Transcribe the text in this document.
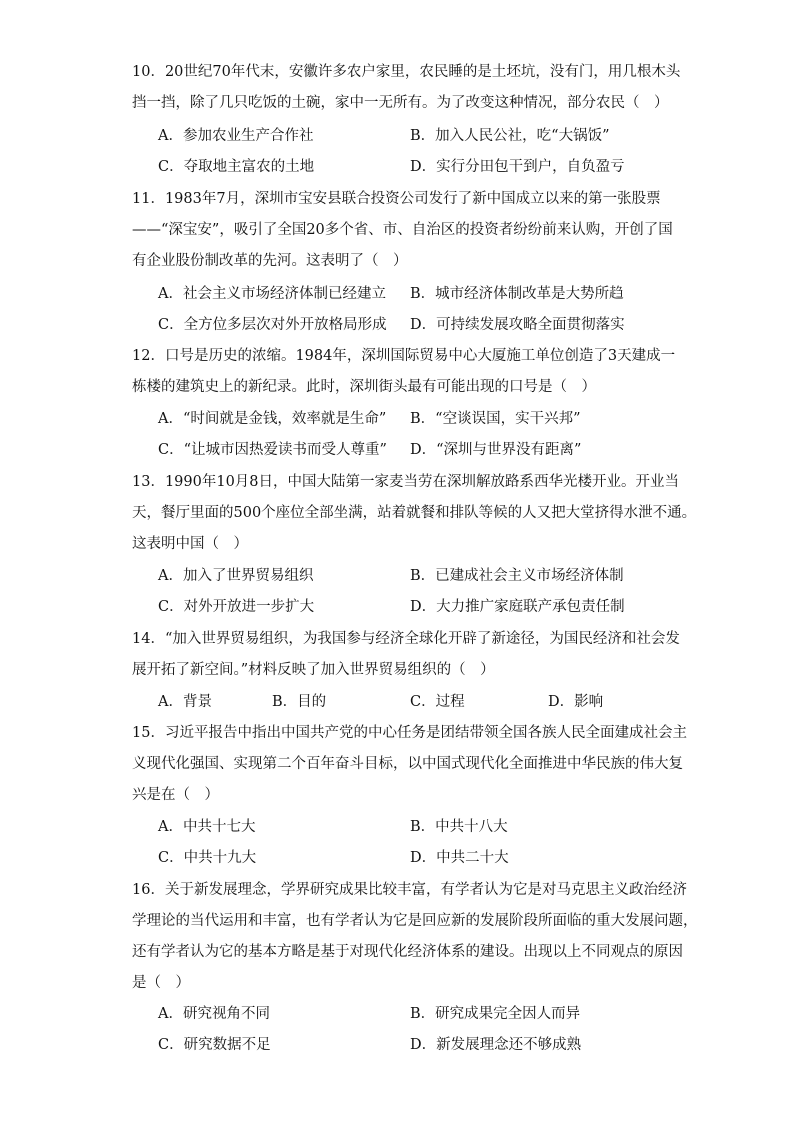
10．20世纪70年代末，安徽许多农户家里，农民睡的是土坯坑，没有门，用几根木头
挡一挡，除了几只吃饭的土碗，家中一无所有。为了改变这种情况，部分农民（　）
A．参加农业生产合作社	B．加入人民公社，吃“大锅饭”
C．夺取地主富农的土地	D．实行分田包干到户，自负盈亏
11．1983年7月，深圳市宝安县联合投资公司发行了新中国成立以来的第一张股票
——“深宝安”，吸引了全国20多个省、市、自治区的投资者纷纷前来认购，开创了国
有企业股份制改革的先河。这表明了（　）
A．社会主义市场经济体制已经建立 B．城市经济体制改革是大势所趋
C．全方位多层次对外开放格局形成 D．可持续发展攻略全面贯彻落实
12．口号是历史的浓缩。1984年，深圳国际贸易中心大厦施工单位创造了3天建成一
栋楼的建筑史上的新纪录。此时，深圳街头最有可能出现的口号是（　）
A．“时间就是金钱，效率就是生命” B．“空谈误国，实干兴邦”
C．“让城市因热爱读书而受人尊重” D．“深圳与世界没有距离”
13．1990年10月8日，中国大陆第一家麦当劳在深圳解放路系西华光楼开业。开业当
天，餐厅里面的500个座位全部坐满，站着就餐和排队等候的人又把大堂挤得水泄不通。
这表明中国（　）
A．加入了世界贸易组织	B．已建成社会主义市场经济体制
C．对外开放进一步扩大	D．大力推广家庭联产承包责任制
14．“加入世界贸易组织，为我国参与经济全球化开辟了新途径，为国民经济和社会发
展开拓了新空间。”材料反映了加入世界贸易组织的（　）
A．背景	B．目的	C．过程	D．影响
15．习近平报告中指出中国共产党的中心任务是团结带领全国各族人民全面建成社会主
义现代化强国、实现第二个百年奋斗目标，以中国式现代化全面推进中华民族的伟大复
兴是在（　）
A．中共十七大	B．中共十八大
C．中共十九大	D．中共二十大
16．关于新发展理念，学界研究成果比较丰富，有学者认为它是对马克思主义政治经济
学理论的当代运用和丰富，也有学者认为它是回应新的发展阶段所面临的重大发展问题，
还有学者认为它的基本方略是基于对现代化经济体系的建设。出现以上不同观点的原因
是（　）
A．研究视角不同	B．研究成果完全因人而异
C．研究数据不足	D．新发展理念还不够成熟
